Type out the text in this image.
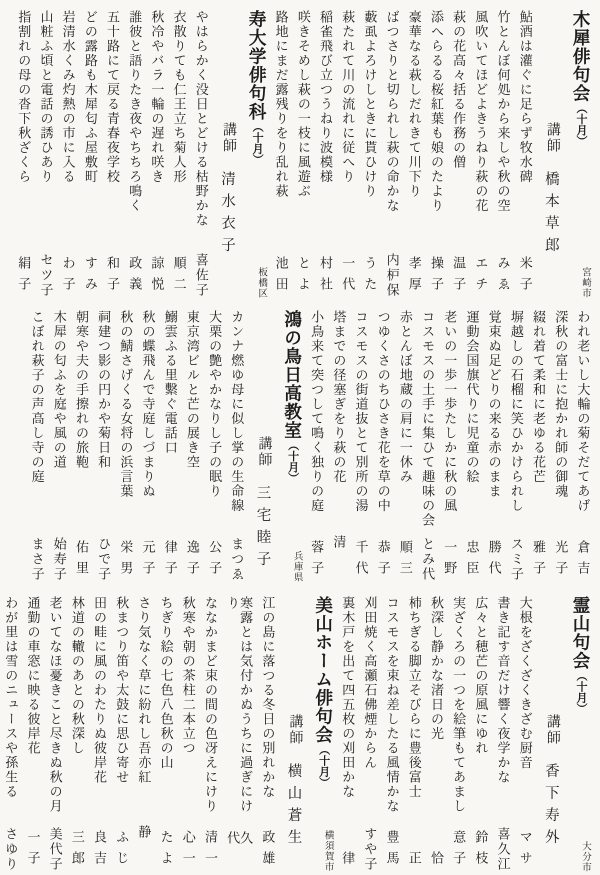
木犀俳句会（十月）
宮崎市
講師
橋本草郎
鮎酒は灌ぐに足らず牧水碑
米子
竹とんぼ何処から来しや秋の空
みゑ
風吹いてほどよきうねり萩の花
エチ
萩の花高々括る作務の僧
温子
添へらるる桜紅葉も娘のたより
操子
豪華なる萩しだれきて川下り
孝厚
ばつさりと切られし萩の命かな
内枦保
藪虱よろけしときに貰ひけり
うた
萩たれて川の流れに従へり
一代
稲雀飛び立つうねり波模様
村社
咲きそめし萩の一枝に風遊ぶ
とよ
路地にまだ露残りをり乱れ萩
池田
寿大学俳句科（十月）
板橋区
講師
清水衣子
やはらかく没日とどける枯野かな
喜佐子
衣散りても仁王立ち菊人形
順二
秋冷やバラ一輪の遅れ咲き
諒悦
誰彼と語りたき夜やちちろ鳴く
政義
五十路にて戻る青春夜学校
和子
どの露路も木犀匂ふ屋敷町
すみ
岩清水くみ灼熱の市に入る
わ子
山粧ふ頃と電話の誘ひあり
セツ子
指割れの母の沓下秋ざくら
絹子
われ老いし大輪の菊そだてあげ
倉吉
深秋の富士に抱かれ師の御魂
光子
綴れ着て柔和に老ゆる花芒
雅子
塀越しの石榴に笑ひかけられし
スミ子
覚束ぬ足どりの来る赤のまま
勝代
運動会国旗代りに児童の絵
忠臣
老いの一歩一歩たしかに秋の風
一野
コスモスの土手に集ひて趣味の会
とみ代
赤とんぼ地蔵の肩に一休み
順三
つゆくさのちひさき花を草の中
恭子
コスモスの街道抜とて別所の湯
千代
塔までの径塞ぎをり萩の花
清
小鳥来て突つして鳴く独りの庭
蓉子
鴻の鳥日高教室（十月）
兵庫県
講師
三宅睦子
カンナ燃ゆ母に似し掌の生命線
まつゑ
大栗の艶やかなりし子の眠り
公子
東京湾ビルと芒の展き空
逸子
鰯雲ふる里繫ぐ電話口
律子
秋の蝶飛んで寺庭しづまりぬ
元子
秋の鯖さげくる女将の浜言葉
栄男
祠建つ影の円かや菊日和
ひで子
朝寒や夫の手擦れの旅鞄
佑里
木犀の匂ふを庭や風の道
始寿子
こぼれ萩子の声高し寺の庭
まさ子
霊山句会（十月）
大分市
講師
香下寿外
大根をざくざくきざむ厨音
マサ
書き記す音だけ響く夜学かな
喜久江
広々と穂芒の原風にゆれ
鈴枝
実ざくろの一つを絵筆もてあまし
意子
秋深し静かな渚日の光
恰
柿ちぎる脚立そびらに豊後富士
正
コスモスを束ね差したる風情かな
豊馬
刈田焼く高瀬石佛煙からん
すや子
裏木戸を出て四五枚の刈田かな
律
美山ホーム俳句会（十月）
横須賀市
講師
横山蒼生
江の島に落つる冬日の別れかな
政雄
寒露とは気付かぬうちに過ぎにけり
久代
ななかまど束の間の色冴えにけり
清一
秋寒や朝の茶柱二本立つ
心一
ちぎり絵の七色八色秋の山
たよ
さり気なく草に紛れし吾亦紅
静
秋まつり笛や太鼓に思ひ寄せ
ふじ
田の畦に風のわたりぬ彼岸花
良吉
林道の轍のあとの秋深し
三郎
老いてなほ憂きこと尽きぬ秋の月
美代子
通勤の車窓に映る彼岸花
一子
わが里は雪のニュースや孫生る
さゆり
